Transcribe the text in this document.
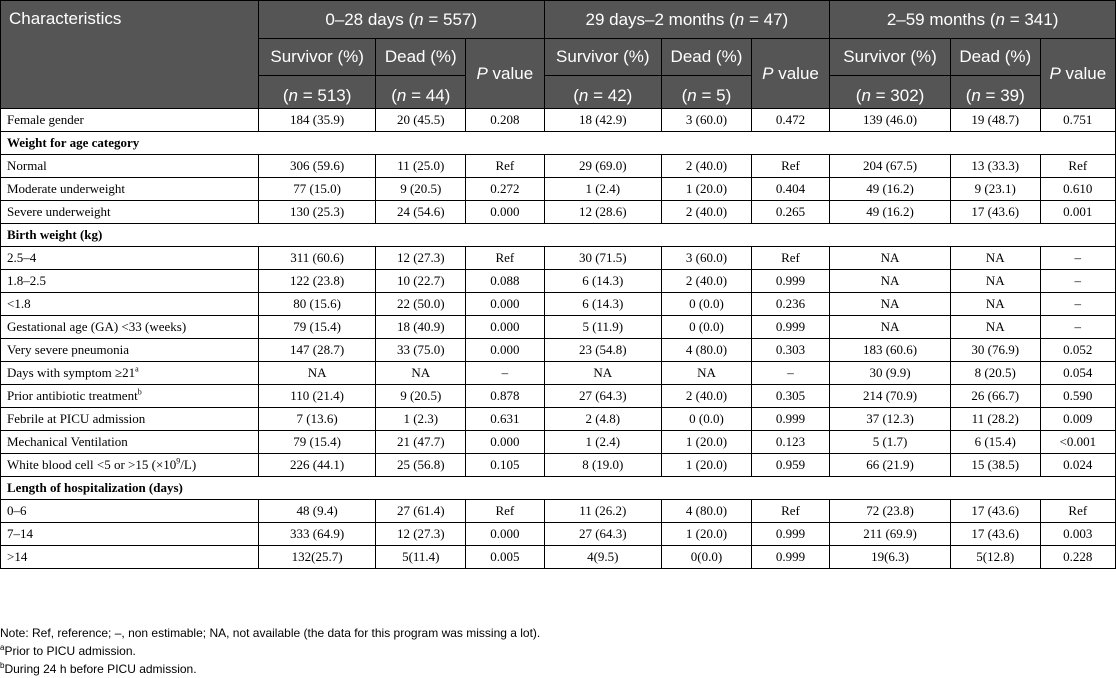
Characteristics	0–28 days (n = 557)			29 days–2 months (n = 47)			2–59 months (n = 341)		
	Survivor (%)	Dead (%)	P value	Survivor (%)	Dead (%)	P value	Survivor (%)	Dead (%)	P value
	(n = 513)	(n = 44)		(n = 42)	(n = 5)		(n = 302)	(n = 39)	
Female gender	184 (35.9)	20 (45.5)	0.208	18 (42.9)	3 (60.0)	0.472	139 (46.0)	19 (48.7)	0.751
Weight for age category									
Normal	306 (59.6)	11 (25.0)	Ref	29 (69.0)	2 (40.0)	Ref	204 (67.5)	13 (33.3)	Ref
Moderate underweight	77 (15.0)	9 (20.5)	0.272	1 (2.4)	1 (20.0)	0.404	49 (16.2)	9 (23.1)	0.610
Severe underweight	130 (25.3)	24 (54.6)	0.000	12 (28.6)	2 (40.0)	0.265	49 (16.2)	17 (43.6)	0.001
Birth weight (kg)									
2.5–4	311 (60.6)	12 (27.3)	Ref	30 (71.5)	3 (60.0)	Ref	NA	NA	–
1.8–2.5	122 (23.8)	10 (22.7)	0.088	6 (14.3)	2 (40.0)	0.999	NA	NA	–
<1.8	80 (15.6)	22 (50.0)	0.000	6 (14.3)	0 (0.0)	0.236	NA	NA	–
Gestational age (GA) <33 (weeks)	79 (15.4)	18 (40.9)	0.000	5 (11.9)	0 (0.0)	0.999	NA	NA	–
Very severe pneumonia	147 (28.7)	33 (75.0)	0.000	23 (54.8)	4 (80.0)	0.303	183 (60.6)	30 (76.9)	0.052
Days with symptom $\ge 21^a$	NA	NA	–	NA	NA	–	30 (9.9)	8 (20.5)	0.054
Prior antibiotic treatment$^b$	110 (21.4)	9 (20.5)	0.878	27 (64.3)	2 (40.0)	0.305	214 (70.9)	26 (66.7)	0.590
Febrile at PICU admission	7 (13.6)	1 (2.3)	0.631	2 (4.8)	0 (0.0)	0.999	37 (12.3)	11 (28.2)	0.009
Mechanical Ventilation	79 (15.4)	21 (47.7)	0.000	1 (2.4)	1 (20.0)	0.123	5 (1.7)	6 (15.4)	<0.001
White blood cell <5 or >15 $(\times 10^9/L)$	226 (44.1)	25 (56.8)	0.105	8 (19.0)	1 (20.0)	0.959	66 (21.9)	15 (38.5)	0.024
Length of hospitalization (days)									
0–6	48 (9.4)	27 (61.4)	Ref	11 (26.2)	4 (80.0)	Ref	72 (23.8)	17 (43.6)	Ref
7–14	333 (64.9)	12 (27.3)	0.000	27 (64.3)	1 (20.0)	0.999	211 (69.9)	17 (43.6)	0.003
>14	132(25.7)	5(11.4)	0.005	4(9.5)	0(0.0)	0.999	19(6.3)	5(12.8)	0.228
Note: Ref, reference; –, non estimable; NA, not available (the data for this program was missing a lot).
$^a$Prior to PICU admission.
$^b$During 24 h before PICU admission.
